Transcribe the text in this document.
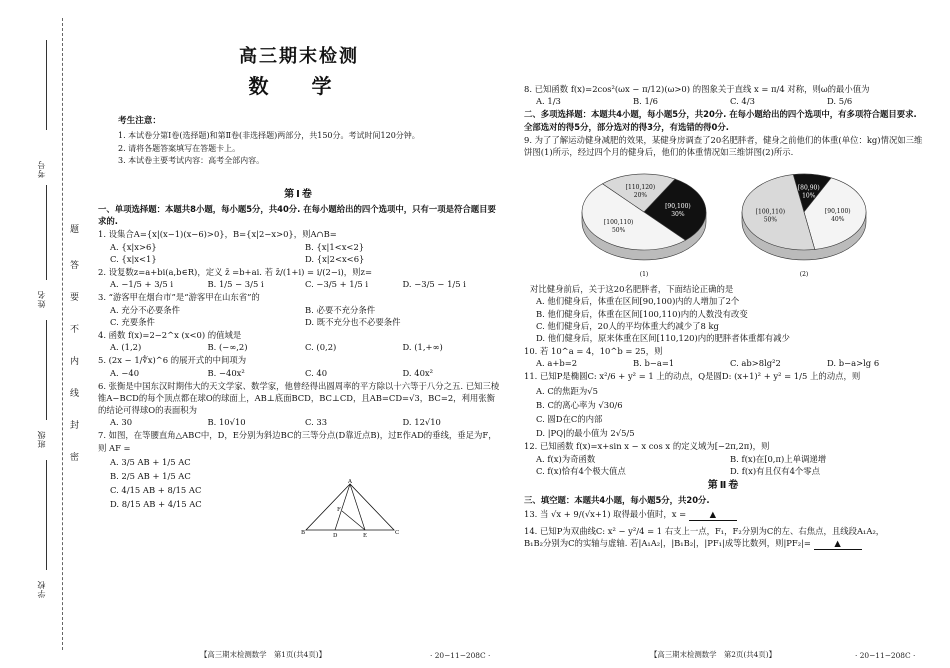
考号
姓名
班级
学校
题
答
要
不
内
线
封
密
高三期末检测
数 学
考生注意：
1. 本试卷分第Ⅰ卷(选择题)和第Ⅱ卷(非选择题)两部分，共150分。考试时间120分钟。
2. 请将各题答案填写在答题卡上。
3. 本试卷主要考试内容：高考全部内容。
第Ⅰ卷
一、单项选择题：本题共8小题，每小题5分，共40分. 在每小题给出的四个选项中，只有一项是符合题目要求的.
1. 设集合A={x|(x−1)(x−6)>0}，B={x|2−x>0}，则A∩B=
A. {x|x>6}	B. {x|1<x<2}
C. {x|x<1}	D. {x|2<x<6}
2. 设复数z=a+bi(a,b∈R)，定义 z̄ =b+ai. 若 z̄/(1+i) = i/(2−i)，则z=
A. −1/5 + 3/5 i	B. 1/5 − 3/5 i	C. −3/5 + 1/5 i	D. −3/5 − 1/5 i
3. “游客甲在烟台市”是“游客甲在山东省”的
A. 充分不必要条件	B. 必要不充分条件
C. 充要条件	D. 既不充分也不必要条件
4. 函数 f(x)=2−2^x (x<0) 的值域是
A. (1,2)	B. (−∞,2)	C. (0,2)	D. (1,+∞)
5. (2x − 1/∜x)^6 的展开式的中间项为
A. −40	B. −40x²	C. 40	D. 40x²
6. 张衡是中国东汉时期伟大的天文学家、数学家，他曾经得出圆周率的平方除以十六等于八分之五. 已知三棱锥A−BCD的每个顶点都在球O的球面上，AB⊥底面BCD，BC⊥CD，且AB=CD=√3，BC=2，利用张衡的结论可得球O的表面积为
A. 30	B. 10√10	C. 33	D. 12√10
7. 如图，在等腰直角△ABC中，D，E分别为斜边BC的三等分点(D靠近点B)，过E作AD的垂线，垂足为F，则 AF =
A. 3/5 AB + 1/5 AC
B. 2/5 AB + 1/5 AC
C. 4/15 AB + 8/15 AC
D. 8/15 AB + 4/15 AC
A
B	D	E	C
F
8. 已知函数 f(x)=2cos²(ωx − π/12)(ω>0) 的图象关于直线 x = π/4 对称，则ω的最小值为
A. 1/3	B. 1/6	C. 4/3	D. 5/6
二、多项选择题：本题共4小题，每小题5分，共20分. 在每小题给出的四个选项中，有多项符合题目要求. 全部选对的得5分，部分选对的得3分，有选错的得0分.
9. 为了了解运动健身减肥的效果，某健身房调查了20名肥胖者，健身之前他们的体重(单位：kg)情况如三维饼图(1)所示，经过四个月的健身后，他们的体重情况如三维饼图(2)所示.
[90,100)
30%
[100,110)
50%
[110,120)
20%
(1)
[80,90)
10%
[90,100)
40%
[100,110)
50%
(2)
对比健身前后，关于这20名肥胖者，下面结论正确的是
A. 他们健身后，体重在区间[90,100)内的人增加了2个
B. 他们健身后，体重在区间[100,110)内的人数没有改变
C. 他们健身后，20人的平均体重大约减少了8 kg
D. 他们健身后，原来体重在区间[110,120)内的肥胖者体重都有减少
10. 若 10^a = 4，10^b = 25，则
A. a+b=2	B. b−a=1	C. ab>8lg²2	D. b−a>lg 6
11. 已知P是椭圆C: x²/6 + y² = 1 上的动点，Q是圆D: (x+1)² + y² = 1/5 上的动点，则
A. C的焦距为√5
B. C的离心率为 √30/6
C. 圆D在C的内部
D. |PQ|的最小值为 2√5/5
12. 已知函数 f(x)=x+sin x − x cos x 的定义域为[−2π,2π)，则
A. f(x)为奇函数	B. f(x)在[0,π)上单调递增
C. f(x)恰有4个极大值点	D. f(x)有且仅有4个零点
第Ⅱ卷
三、填空题：本题共4小题，每小题5分，共20分.
13. 当 √x + 9/(√x+1) 取得最小值时，x =	▲
14. 已知P为双曲线C: x² − y²/4 = 1 右支上一点，F₁，F₂分别为C的左、右焦点，且线段A₁A₂，
B₁B₂分别为C的实轴与虚轴. 若|A₁A₂|，|B₁B₂|，|PF₁|成等比数列，则|PF₂|=	▲
【高三期末检测数学　第1页(共4页)】	· 20−11−208C ·	【高三期末检测数学　第2页(共4页)】	· 20−11−208C ·
